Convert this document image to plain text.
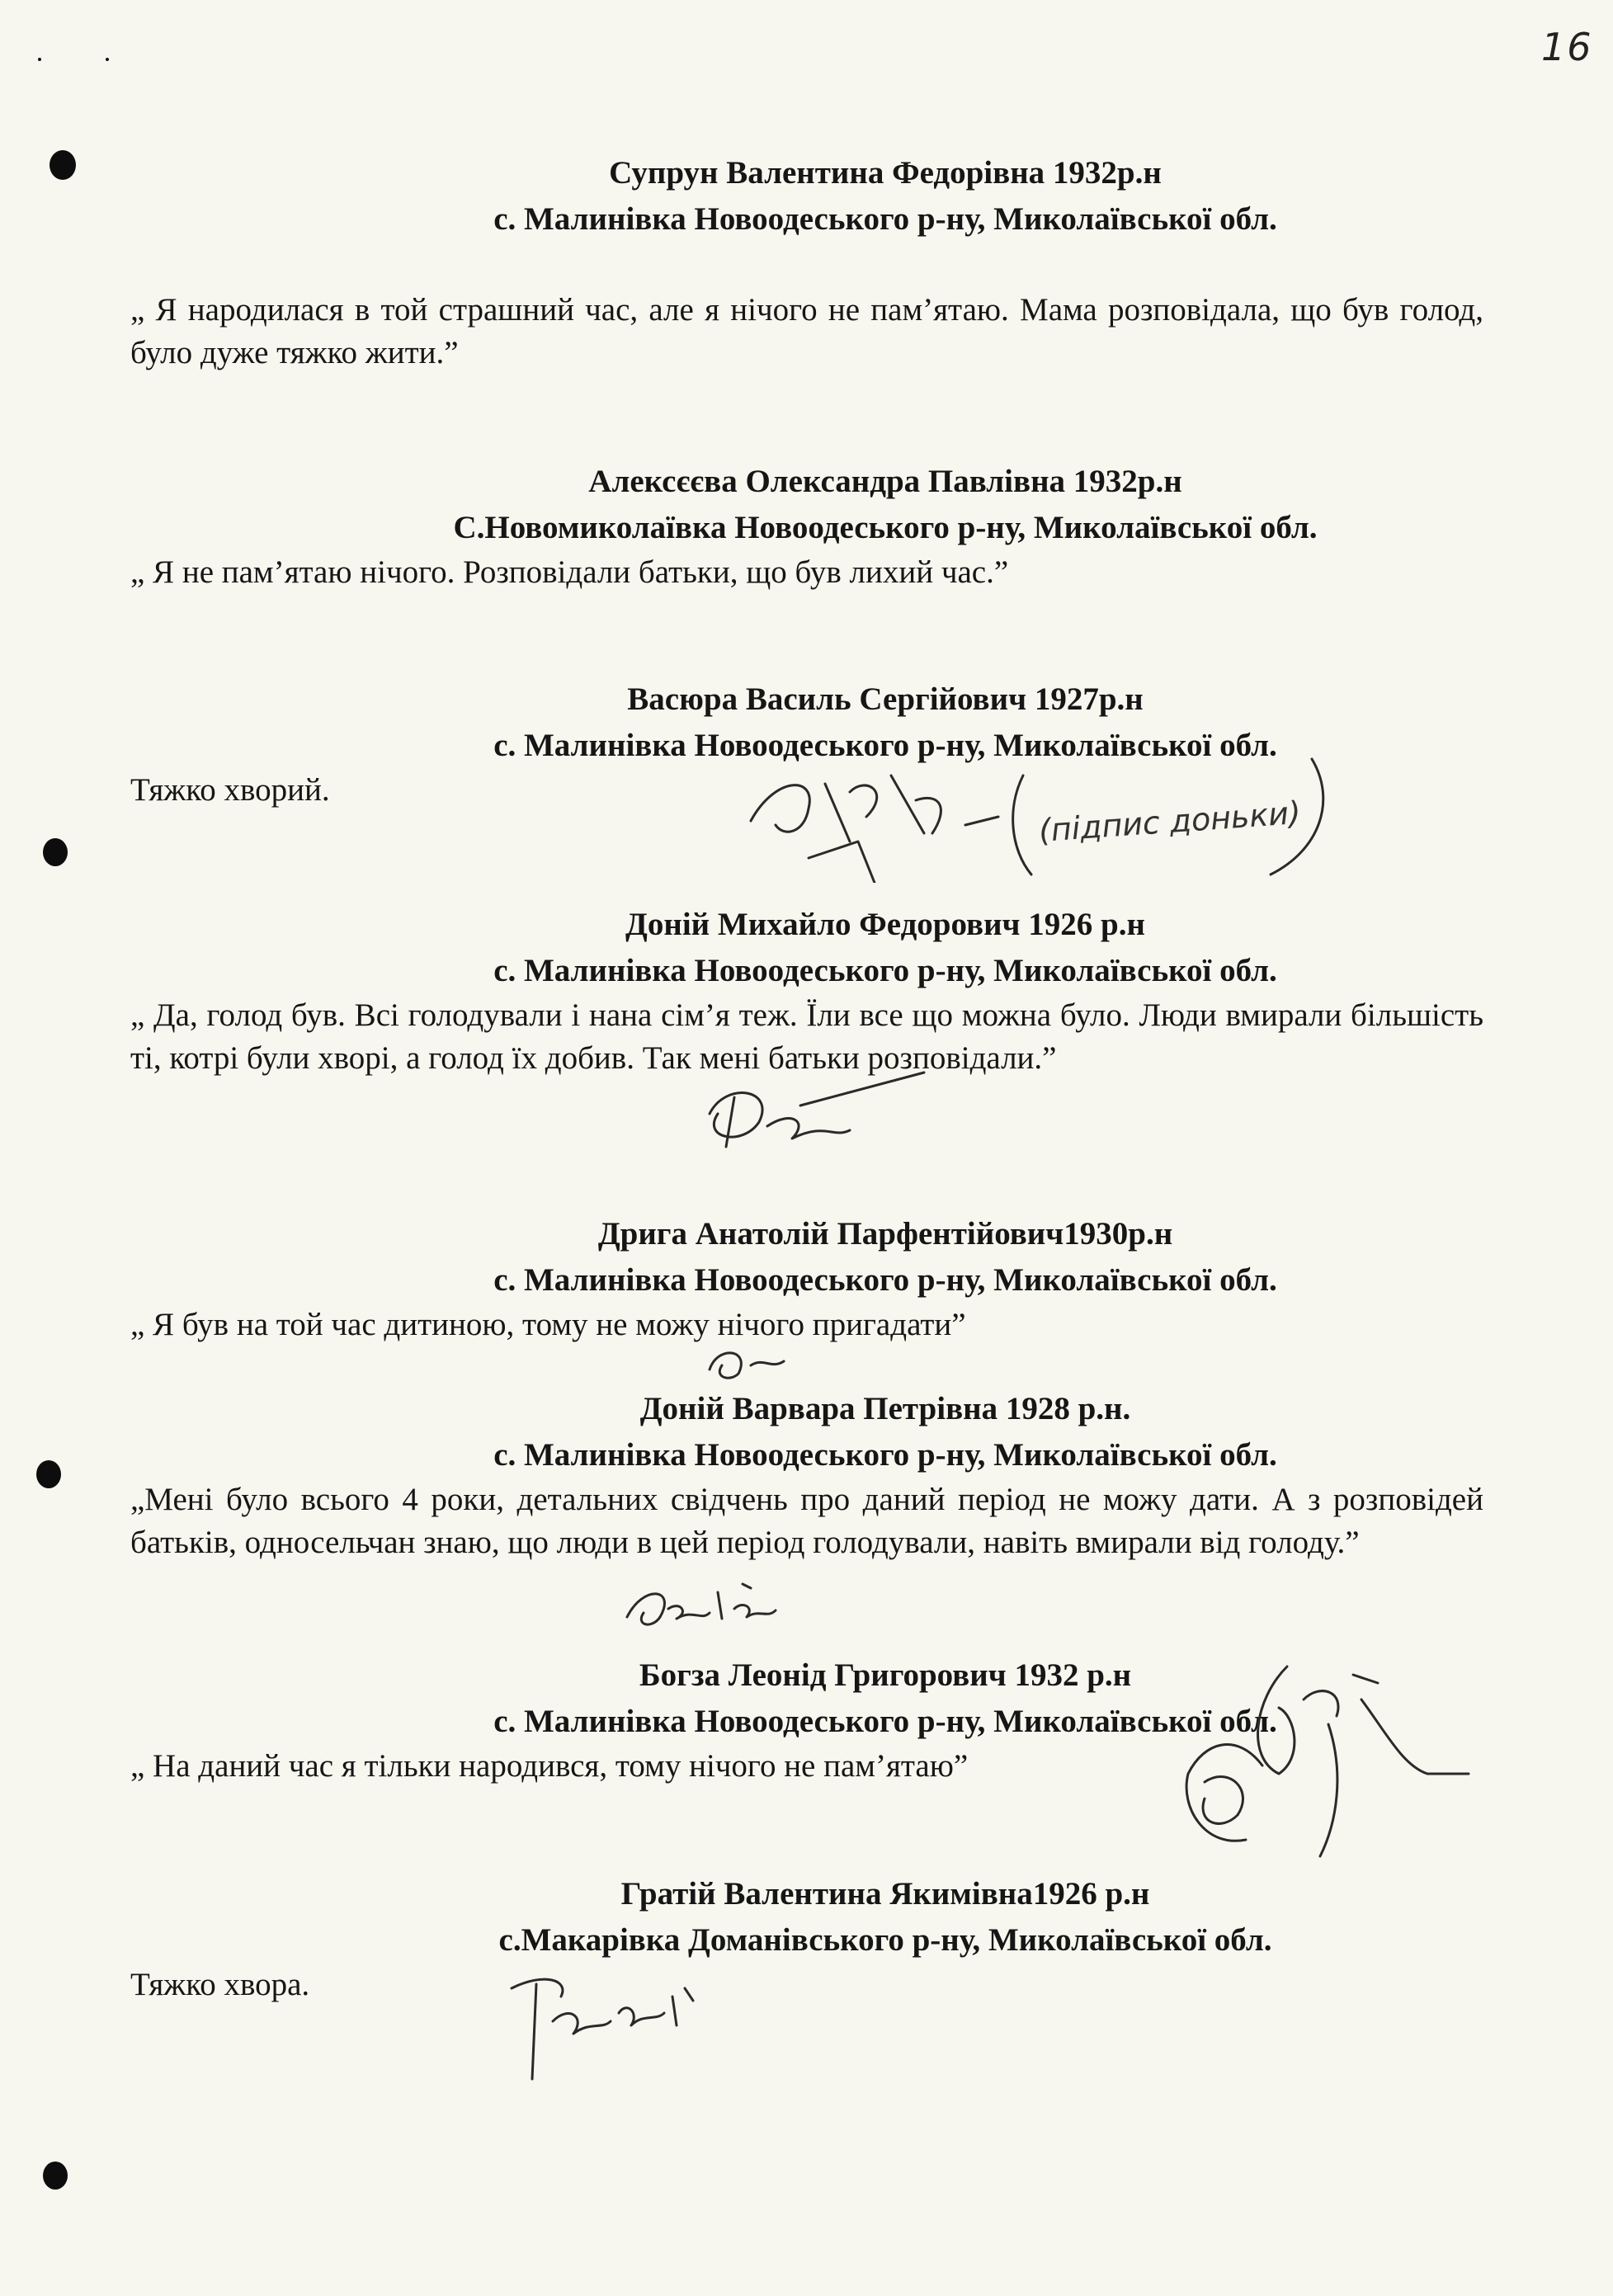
16
Супрун Валентина Федорівна 1932р.н
с. Малинівка Новоодеського р-ну, Миколаївської обл.
„ Я народилася в той страшний час, але я нічого не пам’ятаю. Мама розповідала, що був голод, було дуже тяжко жити.”
Алексєєва Олександра Павлівна 1932р.н
С.Новомиколаївка Новоодеського р-ну, Миколаївської обл.
„ Я не пам’ятаю нічого. Розповідали батьки, що був лихий час.”
Васюра Василь Сергійович 1927р.н
с. Малинівка Новоодеського р-ну, Миколаївської обл.
Тяжко хворий.
(підпис доньки)
Доній Михайло Федорович 1926 р.н
с. Малинівка Новоодеського р-ну, Миколаївської обл.
„ Да, голод був. Всі голодували і нана сім’я теж. Їли все що можна було. Люди вмирали більшість ті, котрі були хворі, а голод їх добив. Так мені батьки розповідали.”
Дрига Анатолій Парфентійович1930р.н
с. Малинівка Новоодеського р-ну, Миколаївської обл.
„ Я був на той час дитиною, тому не можу нічого пригадати”
Доній Варвара Петрівна 1928 р.н.
с. Малинівка Новоодеського р-ну, Миколаївської обл.
„Мені було всього 4 роки, детальних свідчень про даний період не можу дати. А з розповідей батьків, односельчан знаю, що люди в цей період голодували, навіть вмирали від голоду.”
Богза Леонід Григорович 1932 р.н
с. Малинівка Новоодеського р-ну, Миколаївської обл.
„ На даний час я тільки народився, тому нічого не пам’ятаю”
Гратій Валентина Якимівна1926 р.н
с.Макарівка Доманівського р-ну, Миколаївської обл.
Тяжко хвора.
